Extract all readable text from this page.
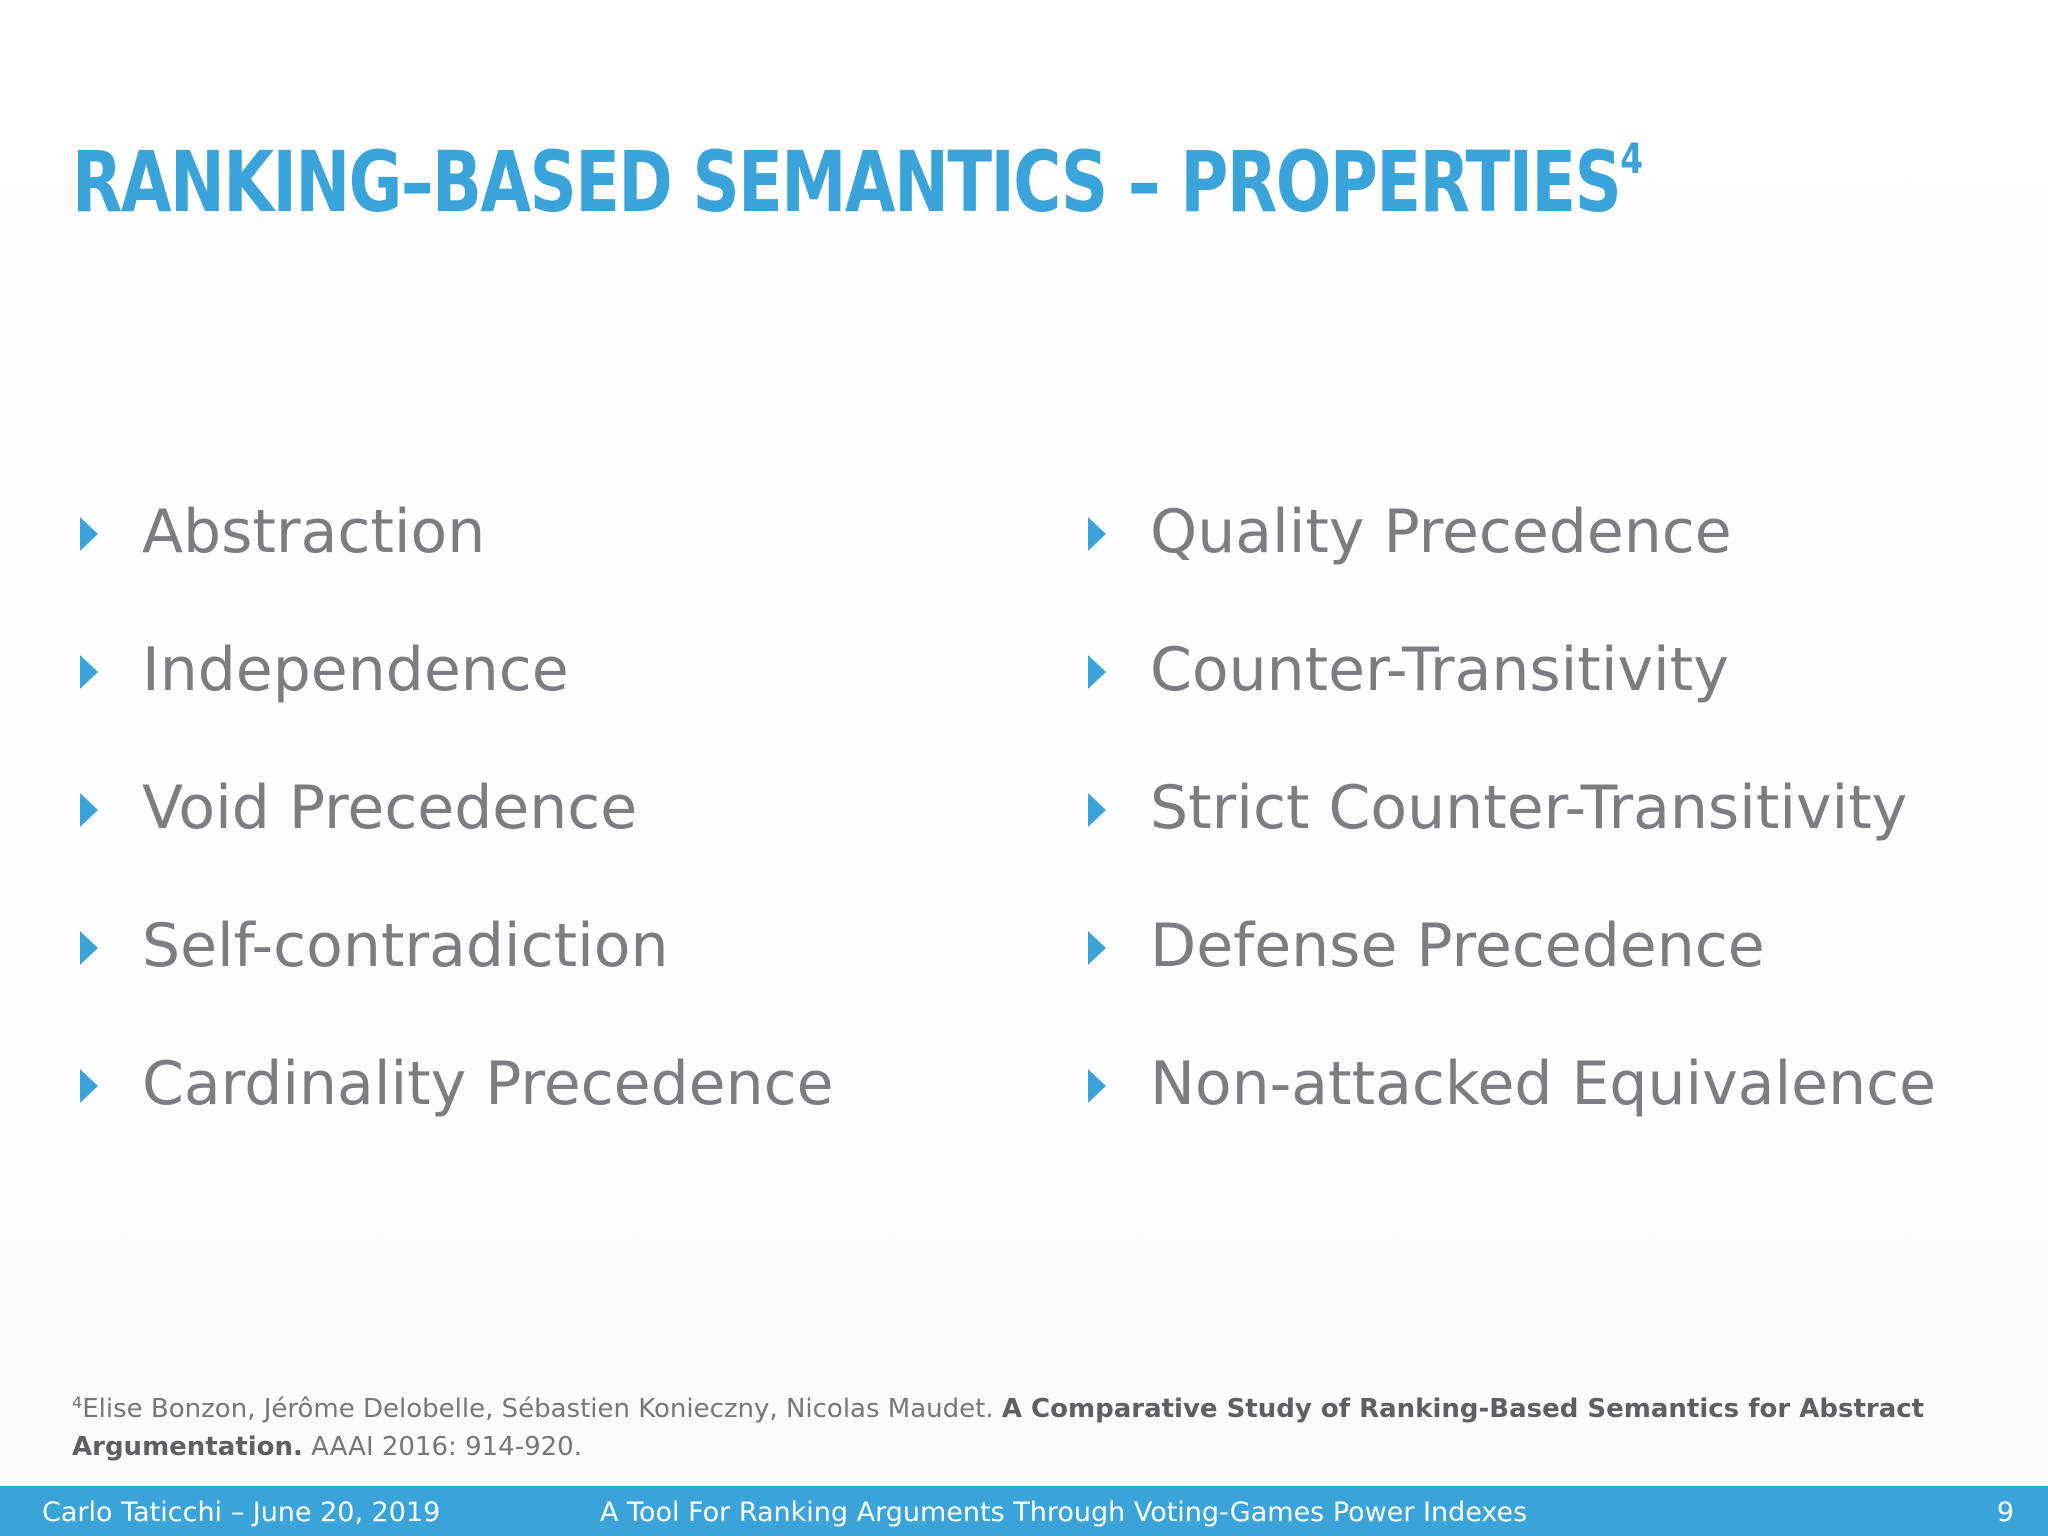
RANKING–BASED SEMANTICS – PROPERTIES$^4$
Abstraction
Independence
Void Precedence
Self-contradiction
Cardinality Precedence
Quality Precedence
Counter-Transitivity
Strict Counter-Transitivity
Defense Precedence
Non-attacked Equivalence
$^4$Elise Bonzon, Jérôme Delobelle, Sébastien Konieczny, Nicolas Maudet. A Comparative Study of Ranking-Based Semantics for Abstract Argumentation. AAAI 2016: 914-920.
Carlo Taticchi – June 20, 2019	A Tool For Ranking Arguments Through Voting-Games Power Indexes	9
